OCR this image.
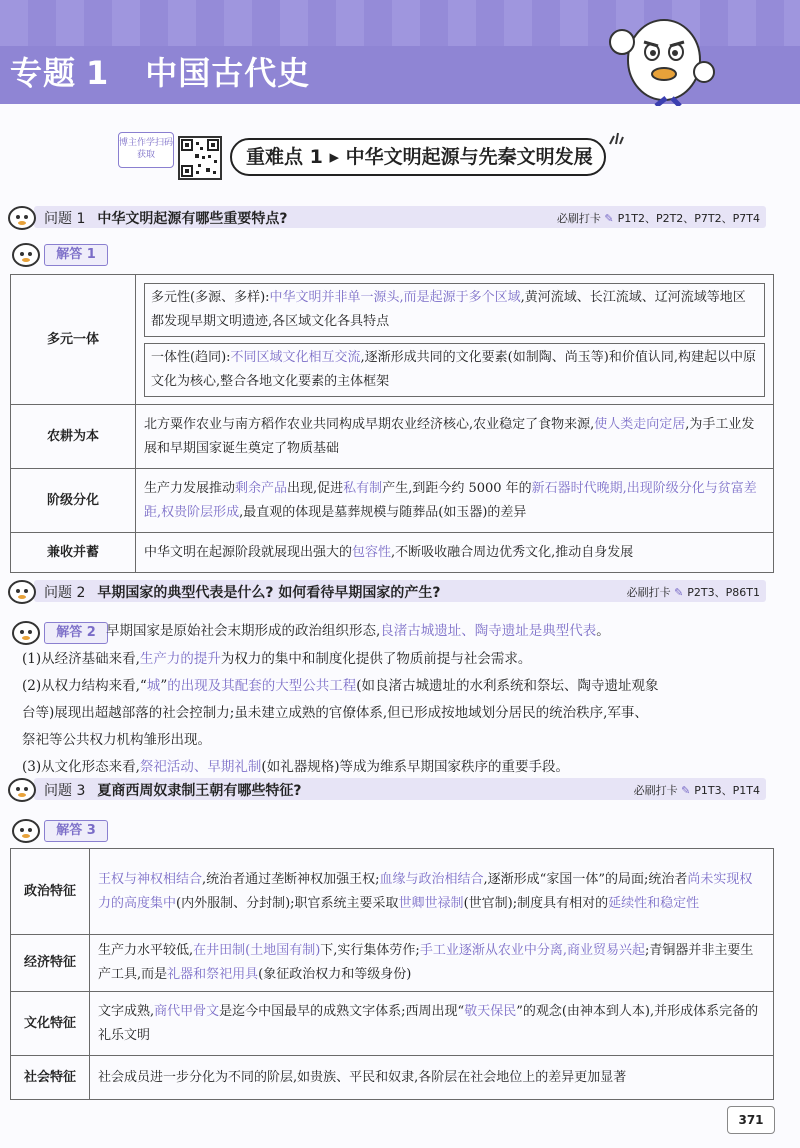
专题 1 中国古代史
博主作学扫码获取	重难点 1 ▸ 中华文明起源与先秦文明发展
问题 1 中华文明起源有哪些重要特点?	必刷打卡 ✎ P1T2、P2T2、P7T2、P7T4
解答 1
多元一体	多元性(多源、多样):中华文明并非单一源头,而是起源于多个区域,黄河流域、长江流域、辽河流域等地区都发现早期文明遗迹,各区域文化各具特点
一体性(趋同):不同区域文化相互交流,逐渐形成共同的文化要素(如制陶、尚玉等)和价值认同,构建起以中原文化为核心,整合各地文化要素的主体框架

农耕为本	北方粟作农业与南方稻作农业共同构成早期农业经济核心,农业稳定了食物来源,使人类走向定居,为手工业发展和早期国家诞生奠定了物质基础

阶级分化	生产力发展推动剩余产品出现,促进私有制产生,到距今约 5000 年的新石器时代晚期,出现阶级分化与贫富差距,权贵阶层形成,最直观的体现是墓葬规模与随葬品(如玉器)的差异

兼收并蓄	中华文明在起源阶段就展现出强大的包容性,不断吸收融合周边优秀文化,推动自身发展
问题 2 早期国家的典型代表是什么? 如何看待早期国家的产生?	必刷打卡 ✎ P2T3、P86T1
解答 2 早期国家是原始社会末期形成的政治组织形态,良渚古城遗址、陶寺遗址是典型代表。

(1)从经济基础来看,生产力的提升为权力的集中和制度化提供了物质前提与社会需求。

(2)从权力结构来看,“城”的出现及其配套的大型公共工程(如良渚古城遗址的水利系统和祭坛、陶寺遗址观象

台等)展现出超越部落的社会控制力;虽未建立成熟的官僚体系,但已形成按地域划分居民的统治秩序,军事、

祭祀等公共权力机构雏形出现。

(3)从文化形态来看,祭祀活动、早期礼制(如礼器规格)等成为维系早期国家秩序的重要手段。

问题 3 夏商西周奴隶制王朝有哪些特征?	必刷打卡 ✎ P1T3、P1T4
解答 3
政治特征	王权与神权相结合,统治者通过垄断神权加强王权;血缘与政治相结合,逐渐形成“家国一体”的局面;统治者尚未实现权力的高度集中(内外服制、分封制);职官系统主要采取世卿世禄制(世官制);制度具有相对的延续性和稳定性

经济特征	生产力水平较低,在井田制(土地国有制)下,实行集体劳作;手工业逐渐从农业中分离,商业贸易兴起;青铜器并非主要生产工具,而是礼器和祭祀用具(象征政治权力和等级身份)

文化特征	文字成熟,商代甲骨文是迄今中国最早的成熟文字体系;西周出现“敬天保民”的观念(由神本到人本),并形成体系完备的礼乐文明

社会特征	社会成员进一步分化为不同的阶层,如贵族、平民和奴隶,各阶层在社会地位上的差异更加显著
371
